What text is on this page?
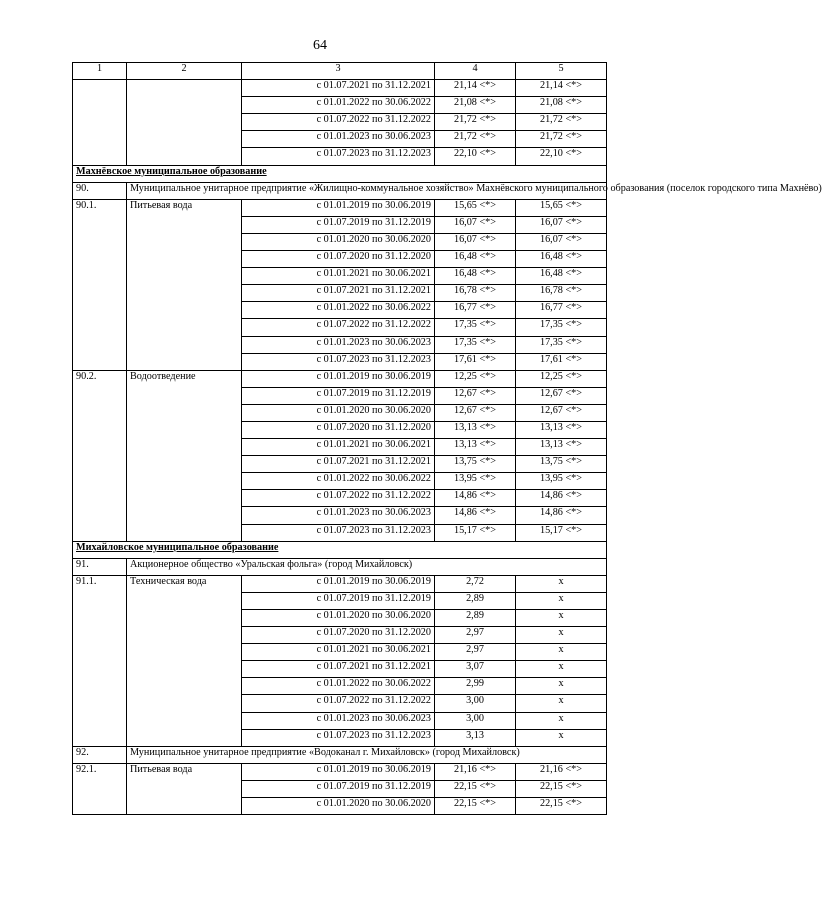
64
1	2	3	4	5
		с 01.07.2021 по 31.12.2021	21,14 <*>	21,14 <*>
		с 01.01.2022 по 30.06.2022	21,08 <*>	21,08 <*>
		с 01.07.2022 по 31.12.2022	21,72 <*>	21,72 <*>
		с 01.01.2023 по 30.06.2023	21,72 <*>	21,72 <*>
		с 01.07.2023 по 31.12.2023	22,10 <*>	22,10 <*>
Махнёвское муниципальное образование				
90.	Муниципальное унитарное предприятие «Жилищно-коммунальное хозяйство» Махнёвского муниципального образования (поселок городского типа Махнёво)			
90.1.	Питьевая вода	с 01.01.2019 по 30.06.2019	15,65 <*>	15,65 <*>
		с 01.07.2019 по 31.12.2019	16,07 <*>	16,07 <*>
		с 01.01.2020 по 30.06.2020	16,07 <*>	16,07 <*>
		с 01.07.2020 по 31.12.2020	16,48 <*>	16,48 <*>
		с 01.01.2021 по 30.06.2021	16,48 <*>	16,48 <*>
		с 01.07.2021 по 31.12.2021	16,78 <*>	16,78 <*>
		с 01.01.2022 по 30.06.2022	16,77 <*>	16,77 <*>
		с 01.07.2022 по 31.12.2022	17,35 <*>	17,35 <*>
		с 01.01.2023 по 30.06.2023	17,35 <*>	17,35 <*>
		с 01.07.2023 по 31.12.2023	17,61 <*>	17,61 <*>
90.2.	Водоотведение	с 01.01.2019 по 30.06.2019	12,25 <*>	12,25 <*>
		с 01.07.2019 по 31.12.2019	12,67 <*>	12,67 <*>
		с 01.01.2020 по 30.06.2020	12,67 <*>	12,67 <*>
		с 01.07.2020 по 31.12.2020	13,13 <*>	13,13 <*>
		с 01.01.2021 по 30.06.2021	13,13 <*>	13,13 <*>
		с 01.07.2021 по 31.12.2021	13,75 <*>	13,75 <*>
		с 01.01.2022 по 30.06.2022	13,95 <*>	13,95 <*>
		с 01.07.2022 по 31.12.2022	14,86 <*>	14,86 <*>
		с 01.01.2023 по 30.06.2023	14,86 <*>	14,86 <*>
		с 01.07.2023 по 31.12.2023	15,17 <*>	15,17 <*>
Михайловское муниципальное образование				
91.	Акционерное общество «Уральская фольга» (город Михайловск)			
91.1.	Техническая вода	с 01.01.2019 по 30.06.2019	2,72	x
		с 01.07.2019 по 31.12.2019	2,89	x
		с 01.01.2020 по 30.06.2020	2,89	x
		с 01.07.2020 по 31.12.2020	2,97	x
		с 01.01.2021 по 30.06.2021	2,97	x
		с 01.07.2021 по 31.12.2021	3,07	x
		с 01.01.2022 по 30.06.2022	2,99	x
		с 01.07.2022 по 31.12.2022	3,00	x
		с 01.01.2023 по 30.06.2023	3,00	x
		с 01.07.2023 по 31.12.2023	3,13	x
92.	Муниципальное унитарное предприятие «Водоканал г. Михайловск» (город Михайловск)			
92.1.	Питьевая вода	с 01.01.2019 по 30.06.2019	21,16 <*>	21,16 <*>
		с 01.07.2019 по 31.12.2019	22,15 <*>	22,15 <*>
		с 01.01.2020 по 30.06.2020	22,15 <*>	22,15 <*>
